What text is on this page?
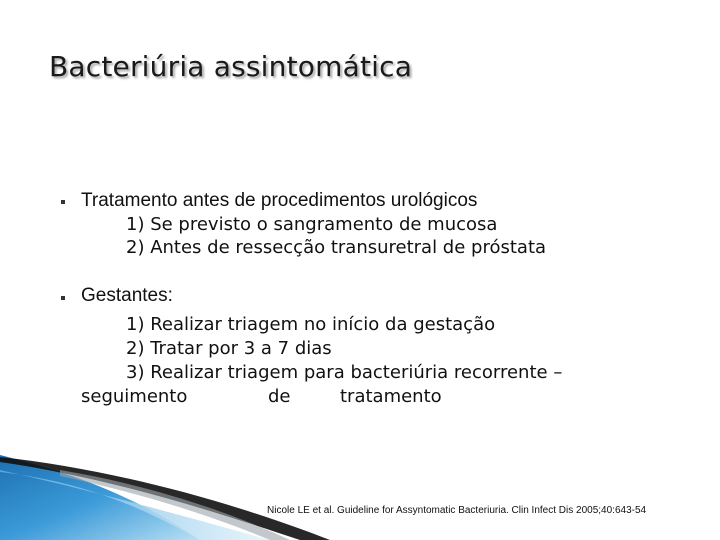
Bacteriúria assintomática
Tratamento antes de procedimentos urológicos
1) Se previsto o sangramento de mucosa
2) Antes de ressecção transuretral de próstata
Gestantes:
1) Realizar triagem no início da gestação
2) Tratar por 3 a 7 dias
3) Realizar triagem para bacteriúria recorrente –
seguimento	de	tratamento
Nicole LE et al. Guideline for Assyntomatic Bacteriuria. Clin Infect Dis 2005;40:643-54
